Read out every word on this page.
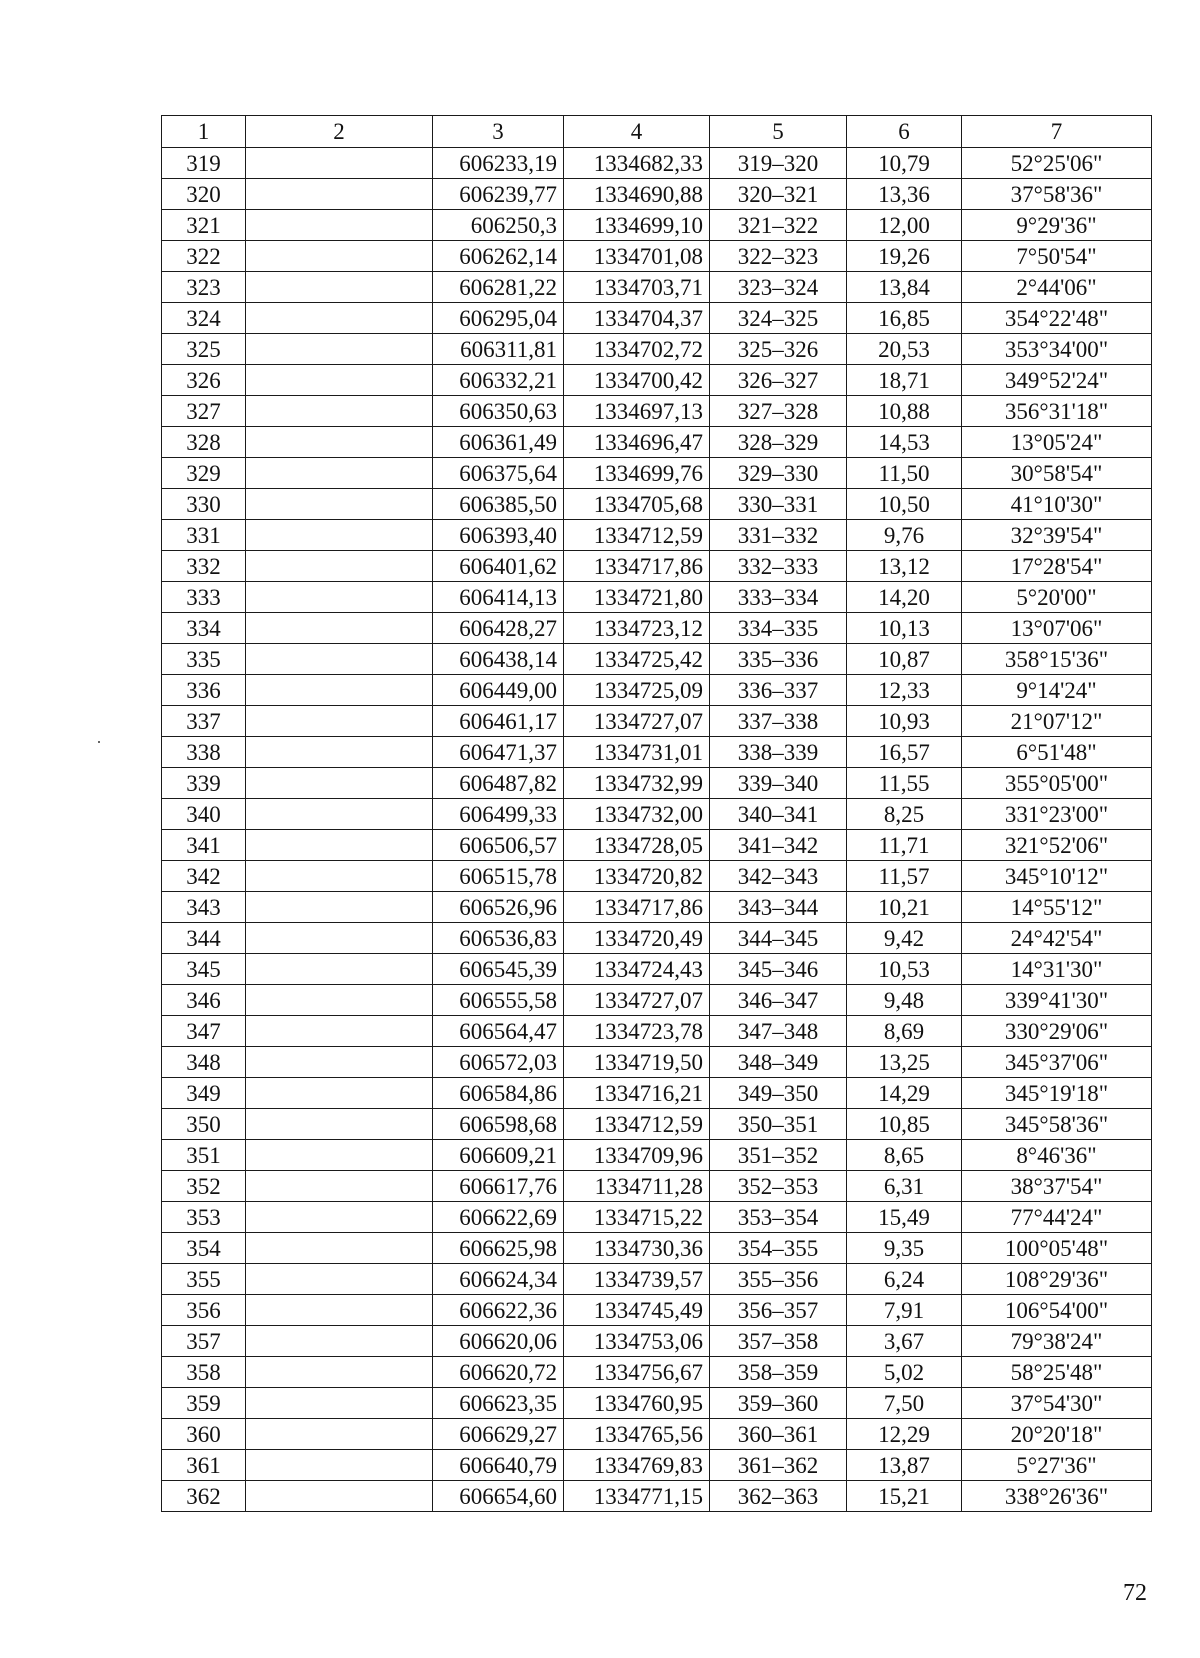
1	2	3	4	5	6	7
319		606233,19	1334682,33	319–320	10,79	52°25'06"
320		606239,77	1334690,88	320–321	13,36	37°58'36"
321		606250,3	1334699,10	321–322	12,00	9°29'36"
322		606262,14	1334701,08	322–323	19,26	7°50'54"
323		606281,22	1334703,71	323–324	13,84	2°44'06"
324		606295,04	1334704,37	324–325	16,85	354°22'48"
325		606311,81	1334702,72	325–326	20,53	353°34'00"
326		606332,21	1334700,42	326–327	18,71	349°52'24"
327		606350,63	1334697,13	327–328	10,88	356°31'18"
328		606361,49	1334696,47	328–329	14,53	13°05'24"
329		606375,64	1334699,76	329–330	11,50	30°58'54"
330		606385,50	1334705,68	330–331	10,50	41°10'30"
331		606393,40	1334712,59	331–332	9,76	32°39'54"
332		606401,62	1334717,86	332–333	13,12	17°28'54"
333		606414,13	1334721,80	333–334	14,20	5°20'00"
334		606428,27	1334723,12	334–335	10,13	13°07'06"
335		606438,14	1334725,42	335–336	10,87	358°15'36"
336		606449,00	1334725,09	336–337	12,33	9°14'24"
337		606461,17	1334727,07	337–338	10,93	21°07'12"
338		606471,37	1334731,01	338–339	16,57	6°51'48"
339		606487,82	1334732,99	339–340	11,55	355°05'00"
340		606499,33	1334732,00	340–341	8,25	331°23'00"
341		606506,57	1334728,05	341–342	11,71	321°52'06"
342		606515,78	1334720,82	342–343	11,57	345°10'12"
343		606526,96	1334717,86	343–344	10,21	14°55'12"
344		606536,83	1334720,49	344–345	9,42	24°42'54"
345		606545,39	1334724,43	345–346	10,53	14°31'30"
346		606555,58	1334727,07	346–347	9,48	339°41'30"
347		606564,47	1334723,78	347–348	8,69	330°29'06"
348		606572,03	1334719,50	348–349	13,25	345°37'06"
349		606584,86	1334716,21	349–350	14,29	345°19'18"
350		606598,68	1334712,59	350–351	10,85	345°58'36"
351		606609,21	1334709,96	351–352	8,65	8°46'36"
352		606617,76	1334711,28	352–353	6,31	38°37'54"
353		606622,69	1334715,22	353–354	15,49	77°44'24"
354		606625,98	1334730,36	354–355	9,35	100°05'48"
355		606624,34	1334739,57	355–356	6,24	108°29'36"
356		606622,36	1334745,49	356–357	7,91	106°54'00"
357		606620,06	1334753,06	357–358	3,67	79°38'24"
358		606620,72	1334756,67	358–359	5,02	58°25'48"
359		606623,35	1334760,95	359–360	7,50	37°54'30"
360		606629,27	1334765,56	360–361	12,29	20°20'18"
361		606640,79	1334769,83	361–362	13,87	5°27'36"
362		606654,60	1334771,15	362–363	15,21	338°26'36"
72
